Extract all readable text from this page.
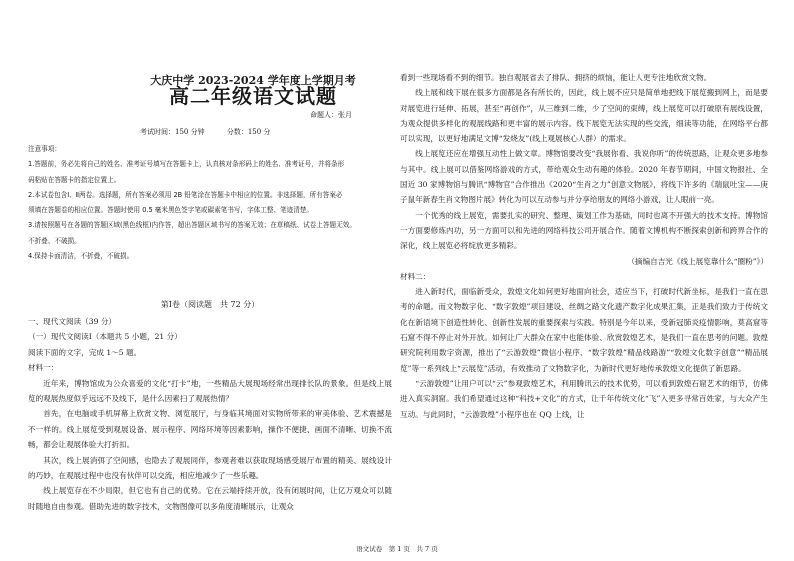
大庆中学 2023-2024 学年度上学期月考
高二年级语文试题
命题人：张月
考试时间：150 分钟	分数：150 分

注意事项：

1.答题前，务必先将自己的姓名、准考证号填写在答题卡上，认真核对条形码上的姓名、准考证号，并将条形

码粘贴在答题卡的指定位置上。

2.本试卷包含Ⅰ、Ⅱ两卷。选择题，所有答案必须用 2B 铅笔涂在答题卡中相应的位置。非选择题，所有答案必

须填在答题卷的相应位置。答题时使用 0.5 毫米黑色签字笔或碳素笔书写，字体工整、笔迹清楚。

3.请按照题号在各题的答题区域(黑色线框)内作答，超出答题区域书写的答案无效；在草稿纸、试卷上答题无效。

不折叠、不破损。

4.保持卡面清洁，不折叠，不破损。

第Ⅰ卷（阅读题　共 72 分）

一、现代文阅读（39 分）

（一）现代文阅读Ⅰ（本题共 5 小题，21 分）

阅读下面的文字，完成 1～5 题。

材料一：

近年来，博物馆成为公众喜爱的文化“打卡”地，一些精品大展现场经常出现排长队的景象。但是线上展览的观展热度似乎远远不及线下，是什么因素扫了观展热情？

首先，在电脑或手机屏幕上欣赏文物、浏览展厅，与身临其境面对实物所带来的审美体验、艺术震撼是不一样的。线上展览受到观展设备、展示程序、网络环境等因素影响，操作不便捷、画面不清晰、切换不流畅，都会让观展体验大打折扣。

其次，线上展消弭了空间感，也隐去了观展同伴，参观者难以获取现场感受展厅布置的精美、展线设计的巧妙，在观展过程中也没有伙伴可以交流，相应地减少了一些乐趣。

线上展览存在不少局限，但它也有自己的优势。它在云端持续开放，没有闭展时间，让亿万观众可以随时随地自由参观。借助先进的数字技术，文物图像可以多角度清晰展示，让观众

看到一些现场看不到的细节。独自观展省去了排队、拥挤的烦恼，能让人更专注地欣赏文物。

线上展和线下展在很多方面都是各有所长的，因此，线上展不应只是简单地把线下展览搬到网上，而是要对展览进行延伸、拓展，甚至“再创作”，从三维到二维，少了空间的束缚，线上展览可以打破原有展线设置，为观众提供多样化的观展线路和更丰富的展示内容。线下展览无法实现的些交流，细读等功能，在网络平台都可以实现，以更好地满足文博“发烧友”(线上观展核心人群）的需求。

线上展览还应在增强互动性上做文章。博物馆要改变“我展你看、我说你听”的传统思路，让观众更多地参与其中。线上展可以借鉴网络游戏的方式，带给观众生动有趣的体验。2020 年春节期间，中国文物报社、全国近 30 家博物馆与腾讯“博物官”合作推出《2020“生肖之力”创意文物展》，将线下许多的《瑞鼠吐宝——庚子鼠年新春生肖文物图片展》转化为可以互动参与并分享给朋友的网络小游戏，让人眼前一亮。

一个优秀的线上展览，需要扎实的研究、整理、策划工作为基础，同时也离不开强大的技术支持。博物馆一方面要修炼内功，另一方面可以和先进的网络科技公司开展合作。随着文博机构不断探索创新和跨界合作的深化，线上展览必将绽放更多精彩。

（摘编自吉光《线上展览靠什么“圈粉”》）

材料二：

进入新时代，面临新受众，敦煌文化如何更好地面向社会，适应当下，打破时代新坐标，是我们一直在思考的命题。而文物数字化、“数字敦煌”项目建设、丝绸之路文化遗产数字化成果汇集，正是我们致力于传统文化在新语境下创造性转化、创新性发展的重要探索与实践。特别是今年以来，受新冠肺炎疫情影响，莫高窟等石窟不得不停止对外开放。如何让广大群众在家中也能体验、欣赏敦煌艺术，是我们一直在思考的问题。敦煌研究院利用数字资源，推出了“云游敦煌”微信小程序、“数字敦煌”精品线路游”“敦煌文化数字创意”“精品展览”等一系列线上“云展览”活动，有效推动了文物数字化，为新时代更好地传承敦煌文化提供了新思路。

“云游敦煌”让用户可以“云”参观敦煌艺术，利用腾讯云的技术优势，可以看到敦煌石窟艺术的细节，仿佛进入真实洞窟。我们希望通过这种“科技+文化”的方式，让千年传统文化“飞”入更多寻常百姓家，与大众产生互动。与此同时，“云游敦煌”小程序也在 QQ 上线，让

语文试卷　第 1 页　共 7 页
